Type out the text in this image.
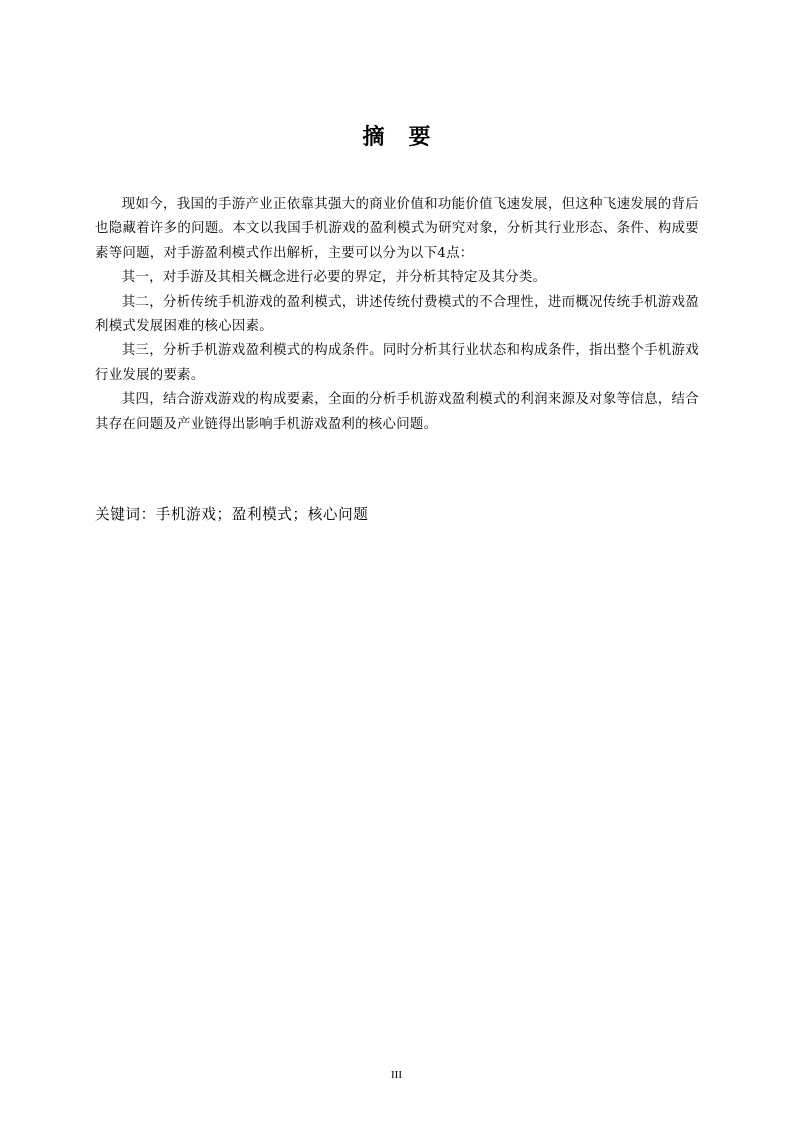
摘要

现如今，我国的手游产业正依靠其强大的商业价值和功能价值飞速发展，但这种飞速发展的背后也隐藏着许多的问题。本文以我国手机游戏的盈利模式为研究对象，分析其行业形态、条件、构成要素等问题，对手游盈利模式作出解析，主要可以分为以下4点：

其一，对手游及其相关概念进行必要的界定，并分析其特定及其分类。

其二，分析传统手机游戏的盈利模式，讲述传统付费模式的不合理性，进而概况传统手机游戏盈利模式发展困难的核心因素。

其三，分析手机游戏盈利模式的构成条件。同时分析其行业状态和构成条件，指出整个手机游戏行业发展的要素。

其四，结合游戏游戏的构成要素，全面的分析手机游戏盈利模式的利润来源及对象等信息，结合其存在问题及产业链得出影响手机游戏盈利的核心问题。

关键词：手机游戏；盈利模式；核心问题
III
